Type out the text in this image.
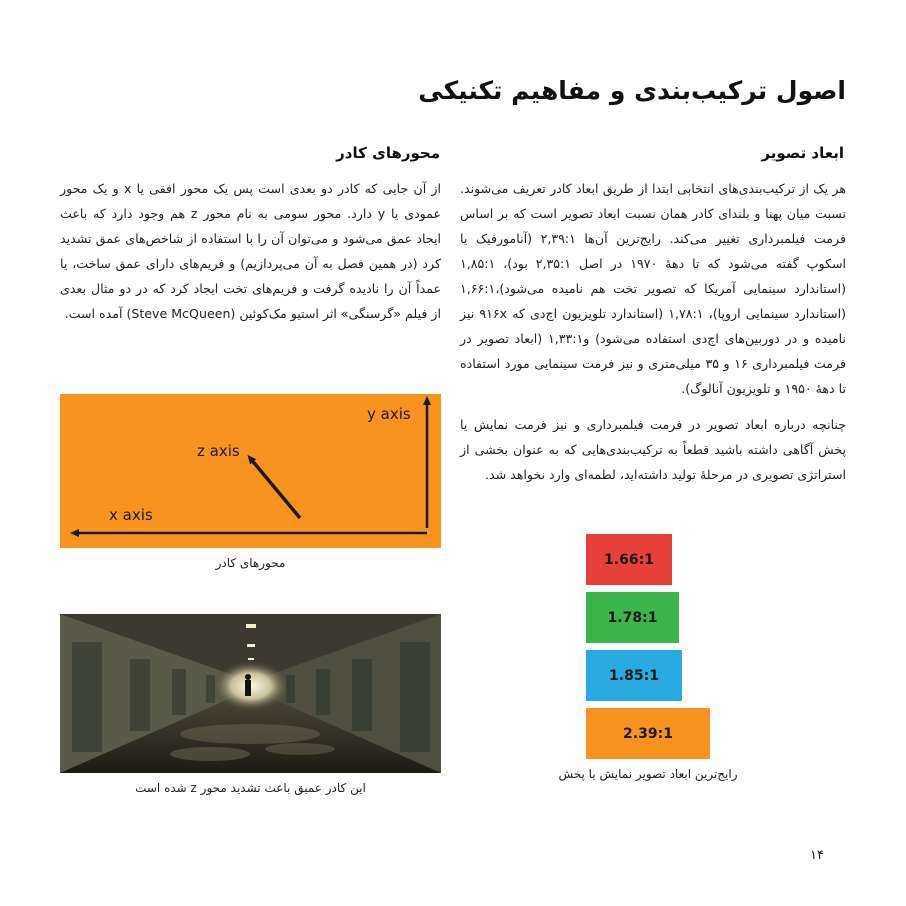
اصول ترکیب‌بندی و مفاهیم تکنیکی
ابعاد تصویر
هر یک از ترکیب‌بندی‌های انتخابی ابتدا از طریق ابعاد کادر تعریف می‌شوند. نسبت میان پهنا و بلندای کادر همان نسبت ابعاد تصویر است که بر اساس فرمت فیلمبرداری تغییر می‌کند. رایج‌ترین آن‌ها ۲,۳۹:۱ (آنامورفیک یا اسکوپ گفته می‌شود که تا دههٔ ۱۹۷۰ در اصل ۲,۳۵:۱ بود)، ۱,۸۵:۱ (استاندارد سینمایی آمریکا که تصویر تخت هم نامیده می‌شود)،۱,۶۶:۱ (استاندارد سینمایی اروپا)، ۱,۷۸:۱ (استاندارد تلویزیون اچ‌دی که ۹۱۶x نیز نامیده و در دوربین‌های اچ‌دی استفاده می‌شود) و۱,۳۳:۱ (ابعاد تصویر در فرمت فیلمبرداری ۱۶ و ۳۵ میلی‌متری و نیز فرمت سینمایی مورد استفاده تا دههٔ ۱۹۵۰ و تلویزیون آنالوگ).
چنانچه درباره ابعاد تصویر در فرمت فیلمبرداری و نیز فرمت نمایش یا پخش آگاهی داشته باشید قطعاً به ترکیب‌بندی‌هایی که به عنوان بخشی از استراتژی تصویری در مرحلهٔ تولید داشته‌اید، لطمه‌ای وارد نخواهد شد.
محورهای کادر
از آن جایی که کادر دو بعدی است پس یک محور افقی یا x و یک محور عمودی یا y دارد. محور سومی به نام محور z هم وجود دارد که باعث ایجاد عمق می‌شود و می‌توان آن را با استفاده از شاخص‌های عمق تشدید کرد (در همین فصل به آن می‌پردازیم) و فریم‌های دارای عمق ساخت، یا عمداً آن را نادیده گرفت و فریم‌های تخت ایجاد کرد که در دو مثال بعدی از فیلم «گرسنگی» اثر استیو مک‌کوئین (Steve McQueen) آمده است.
y axis
z axis
x axis
محورهای کادر
این کادر عمیق باعث تشدید محور z شده است
1.66:1
1.78:1
1.85:1
2.39:1
رایج‌ترین ابعاد تصویر نمایش یا پخش
۱۴
